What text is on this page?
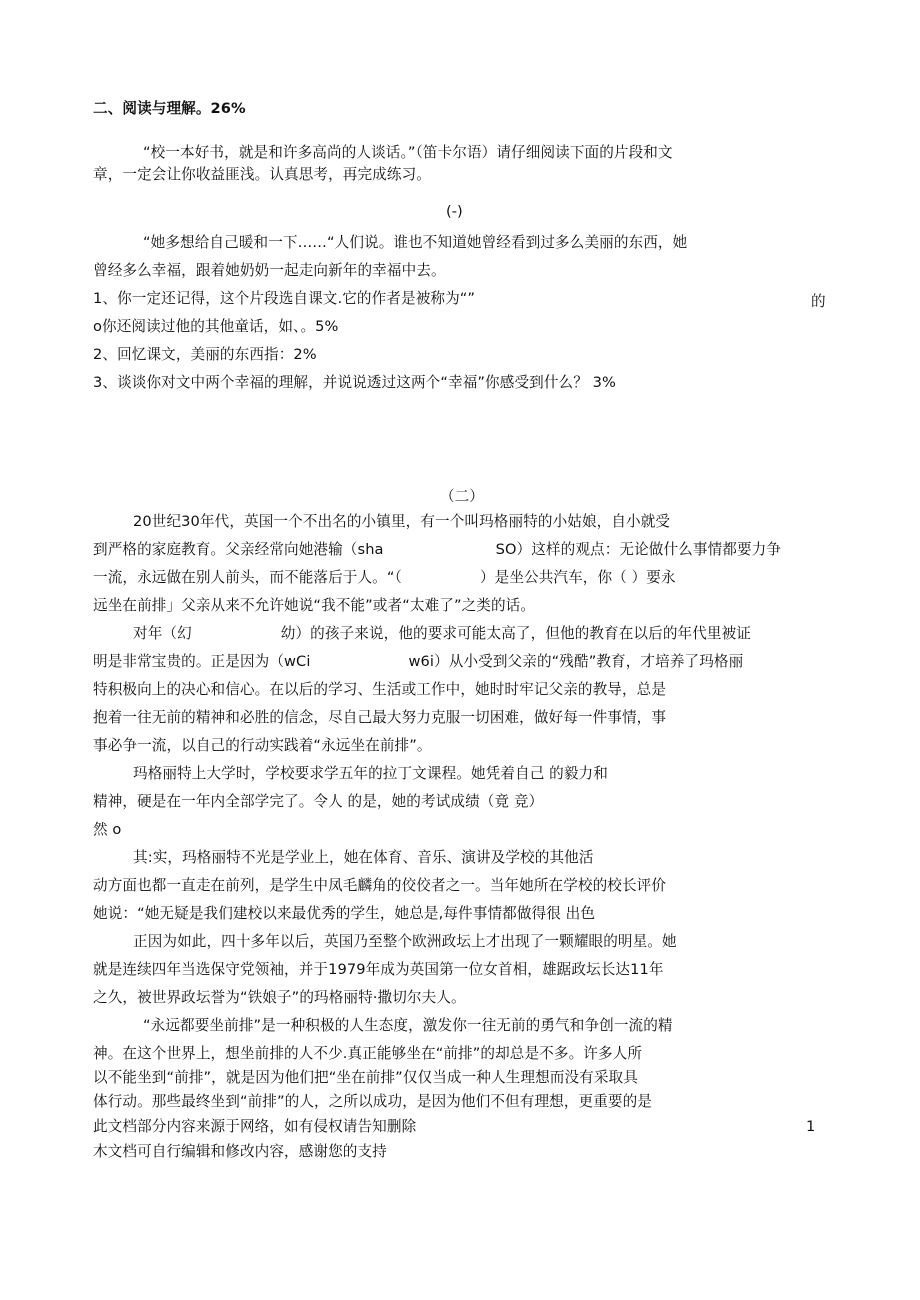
二、阅读与理解。26%
“校一本好书，就是和许多高尚的人谈话。”（笛卡尔语）请仔细阅读下面的片段和文
章，一定会让你收益匪浅。认真思考，再完成练习。
(-)
“她多想给自己暖和一下……“人们说。谁也不知道她曾经看到过多么美丽的东西，她
曾经多么幸福，跟着她奶奶一起走向新年的幸福中去。
1、你一定还记得，这个片段选自课文.它的作者是被称为“”	的
o你还阅读过他的其他童话，如、。5%
2、回忆课文，美丽的东西指：2%
3、谈谈你对文中两个幸福的理解，并说说透过这两个“幸福”你感受到什么？ 3%
（二）
20世纪30年代，英国一个不出名的小镇里，有一个叫玛格丽特的小姑娘，自小就受
到严格的家庭教育。父亲经常向她港输（sha	SO）这样的观点：无论做什么事情都要力争
一流，永远做在别人前头，而不能落后于人。“（	）是坐公共汽车，你（ ）要永
远坐在前排」父亲从来不允许她说“我不能”或者“太难了”之类的话。
对年（幻	幼）的孩子来说，他的要求可能太高了，但他的教育在以后的年代里被证
明是非常宝贵的。正是因为（wCi	w6i）从小受到父亲的“残酷”教育，才培养了玛格丽
特积极向上的决心和信心。在以后的学习、生活或工作中，她时时牢记父亲的教导，总是
抱着一往无前的精神和必胜的信念，尽自己最大努力克服一切困难，做好每一件事情，事
事必争一流，以自己的行动实践着“永远坐在前排”。
玛格丽特上大学时，学校要求学五年的拉丁文课程。她凭着自己 的毅力和
精神，硬是在一年内全部学完了。令人 的是，她的考试成绩（竟 竞）
然 o
其:实，玛格丽特不光是学业上，她在体育、音乐、演讲及学校的其他活
动方面也都一直走在前列，是学生中凤毛麟角的佼佼者之一。当年她所在学校的校长评价
她说：“她无疑是我们建校以来最优秀的学生，她总是,每件事情都做得很 出色
正因为如此，四十多年以后，英国乃至整个欧洲政坛上才出现了一颗耀眼的明星。她
就是连续四年当选保守党领袖，并于1979年成为英国第一位女首相，雄踞政坛长达11年
之久，被世界政坛誉为“铁娘子”的玛格丽特·撒切尔夫人。
“永远都要坐前排”是一种积极的人生态度，激发你一往无前的勇气和争创一流的精
神。在这个世界上，想坐前排的人不少.真正能够坐在“前排”的却总是不多。许多人所
以不能坐到“前排”，就是因为他们把“坐在前排”仅仅当成一种人生理想而没有采取具
体行动。那些最终坐到“前排”的人，之所以成功，是因为他们不但有理想，更重要的是
此文档部分内容来源于网络，如有侵权请告知删除	1
木文档可自行编辑和修改内容，感谢您的支持
